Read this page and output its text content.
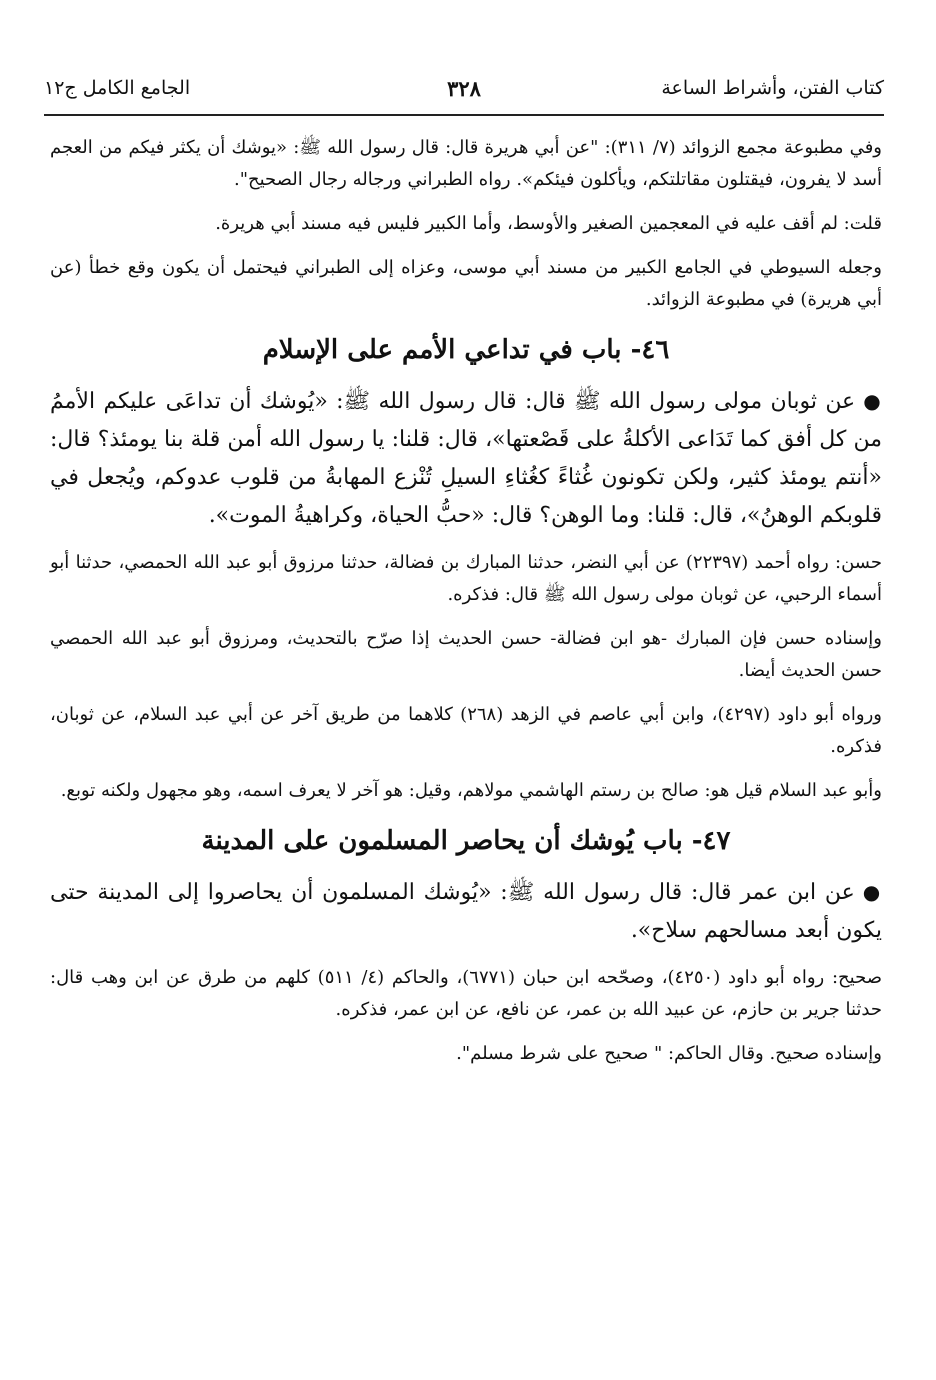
كتاب الفتن، وأشراط الساعة
٣٢٨
الجامع الكامل ج١٢

وفي مطبوعة مجمع الزوائد (٧/ ٣١١): "عن أبي هريرة قال: قال رسول الله ﷺ: «يوشك أن يكثر فيكم من العجم أسد لا يفرون، فيقتلون مقاتلتكم، ويأكلون فيئكم». رواه الطبراني ورجاله رجال الصحيح".

قلت: لم أقف عليه في المعجمين الصغير والأوسط، وأما الكبير فليس فيه مسند أبي هريرة.

وجعله السيوطي في الجامع الكبير من مسند أبي موسى، وعزاه إلى الطبراني فيحتمل أن يكون وقع خطأ (عن أبي هريرة) في مطبوعة الزوائد.

٤٦- باب في تداعي الأمم على الإسلام

●عن ثوبان مولى رسول الله ﷺ قال: قال رسول الله ﷺ: «يُوشك أن تداعَى عليكم الأممُ من كل أفق كما تَدَاعى الأكلةُ على قَصْعتها»، قال: قلنا: يا رسول الله أمن قلة بنا يومئذ؟ قال: «أنتم يومئذ كثير، ولكن تكونون غُثاءً كغُثاءِ السيلِ تُنْزع المهابةُ من قلوب عدوكم، ويُجعل في قلوبكم الوهنُ»، قال: قلنا: وما الوهن؟ قال: «حبُّ الحياة، وكراهيةُ الموت».

حسن: رواه أحمد (٢٢٣٩٧) عن أبي النضر، حدثنا المبارك بن فضالة، حدثنا مرزوق أبو عبد الله الحمصي، حدثنا أبو أسماء الرحبي، عن ثوبان مولى رسول الله ﷺ قال: فذكره.

وإسناده حسن فإن المبارك -هو ابن فضالة- حسن الحديث إذا صرّح بالتحديث، ومرزوق أبو عبد الله الحمصي حسن الحديث أيضا.

ورواه أبو داود (٤٢٩٧)، وابن أبي عاصم في الزهد (٢٦٨) كلاهما من طريق آخر عن أبي عبد السلام، عن ثوبان، فذكره.

وأبو عبد السلام قيل هو: صالح بن رستم الهاشمي مولاهم، وقيل: هو آخر لا يعرف اسمه، وهو مجهول ولكنه توبع.

٤٧- باب يُوشك أن يحاصر المسلمون على المدينة

●عن ابن عمر قال: قال رسول الله ﷺ: «يُوشك المسلمون أن يحاصروا إلى المدينة حتى يكون أبعد مسالحهم سلاح».

صحيح: رواه أبو داود (٤٢٥٠)، وصحّحه ابن حبان (٦٧٧١)، والحاكم (٤/ ٥١١) كلهم من طرق عن ابن وهب قال: حدثنا جرير بن حازم، عن عبيد الله بن عمر، عن نافع، عن ابن عمر، فذكره.

وإسناده صحيح. وقال الحاكم: " صحيح على شرط مسلم".
